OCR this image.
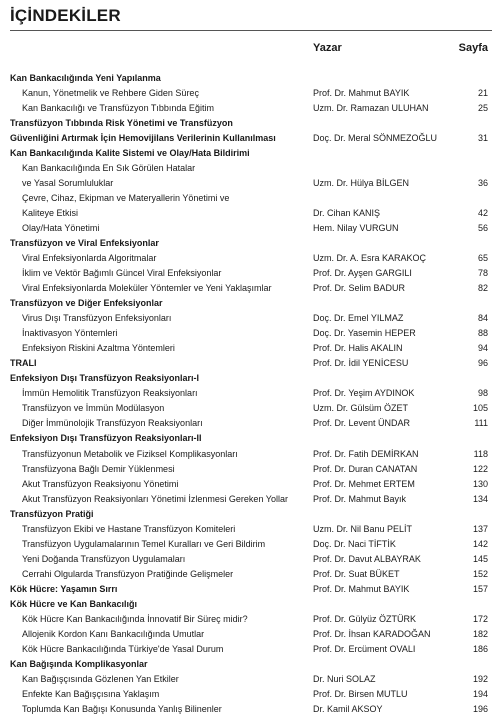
İÇİNDEKİLER
Yazar	Sayfa
Kan Bankacılığında Yeni Yapılanma
Kanun, Yönetmelik ve Rehbere Giden Süreç	Prof. Dr. Mahmut BAYIK	21
Kan Bankacılığı ve Transfüzyon Tıbbında Eğitim	Uzm. Dr. Ramazan ULUHAN	25
Transfüzyon Tıbbında Risk Yönetimi ve Transfüzyon
Güvenliğini Artırmak İçin Hemovijilans Verilerinin Kullanılması	Doç. Dr. Meral SÖNMEZOĞLU	31
Kan Bankacılığında Kalite Sistemi ve Olay/Hata Bildirimi
Kan Bankacılığında En Sık Görülen Hatalar
ve Yasal Sorumluluklar	Uzm. Dr. Hülya BİLGEN	36
Çevre, Cihaz, Ekipman ve Materyallerin Yönetimi ve
Kaliteye Etkisi	Dr. Cihan KANIŞ	42
Olay/Hata Yönetimi	Hem. Nilay VURGUN	56
Transfüzyon ve Viral Enfeksiyonlar
Viral Enfeksiyonlarda Algoritmalar	Uzm. Dr. A. Esra KARAKOÇ	65
İklim ve Vektör Bağımlı Güncel Viral Enfeksiyonlar	Prof. Dr. Ayşen GARGILI	78
Viral Enfeksiyonlarda Moleküler Yöntemler ve Yeni Yaklaşımlar	Prof. Dr. Selim BADUR	82
Transfüzyon ve Diğer Enfeksiyonlar
Virus Dışı Transfüzyon Enfeksiyonları	Doç. Dr. Emel YILMAZ	84
İnaktivasyon Yöntemleri	Doç. Dr. Yasemin HEPER	88
Enfeksiyon Riskini Azaltma Yöntemleri	Prof. Dr. Halis AKALIN	94
TRALI	Prof. Dr. İdil YENİCESU	96
Enfeksiyon Dışı Transfüzyon Reaksiyonları-I
İmmün Hemolitik Transfüzyon Reaksiyonları	Prof. Dr. Yeşim AYDINOK	98
Transfüzyon ve İmmün Modülasyon	Uzm. Dr. Gülsüm ÖZET	105
Diğer İmmünolojik Transfüzyon Reaksiyonları	Prof. Dr. Levent ÜNDAR	111
Enfeksiyon Dışı Transfüzyon Reaksiyonları-II
Transfüzyonun Metabolik ve Fiziksel Komplikasyonları	Prof. Dr. Fatih DEMİRKAN	118
Transfüzyona Bağlı Demir Yüklenmesi	Prof. Dr. Duran CANATAN	122
Akut Transfüzyon Reaksiyonu Yönetimi	Prof. Dr. Mehmet ERTEM	130
Akut Transfüzyon Reaksiyonları Yönetimi İzlenmesi Gereken Yollar	Prof. Dr. Mahmut Bayık	134
Transfüzyon Pratiği
Transfüzyon Ekibi ve Hastane Transfüzyon Komiteleri	Uzm. Dr. Nil Banu PELİT	137
Transfüzyon Uygulamalarının Temel Kuralları ve Geri Bildirim	Doç. Dr. Naci TİFTİK	142
Yeni Doğanda Transfüzyon Uygulamaları	Prof. Dr. Davut ALBAYRAK	145
Cerrahi Olgularda Transfüzyon Pratiğinde Gelişmeler	Prof. Dr. Suat BÜKET	152
Kök Hücre: Yaşamın Sırrı	Prof. Dr. Mahmut BAYIK	157
Kök Hücre ve Kan Bankacılığı
Kök Hücre Kan Bankacılığında İnnovatif Bir Süreç midir?	Prof. Dr. Gülyüz ÖZTÜRK	172
Allojenik Kordon Kanı Bankacılığında Umutlar	Prof. Dr. İhsan KARADOĞAN	182
Kök Hücre Bankacılığında Türkiye'de Yasal Durum	Prof. Dr. Ercüment OVALI	186
Kan Bağışında Komplikasyonlar
Kan Bağışçısında Gözlenen Yan Etkiler	Dr. Nuri SOLAZ	192
Enfekte Kan Bağışçısına Yaklaşım	Prof. Dr. Birsen MUTLU	194
Toplumda Kan Bağışı Konusunda Yanlış Bilinenler	Dr. Kamil AKSOY	196
